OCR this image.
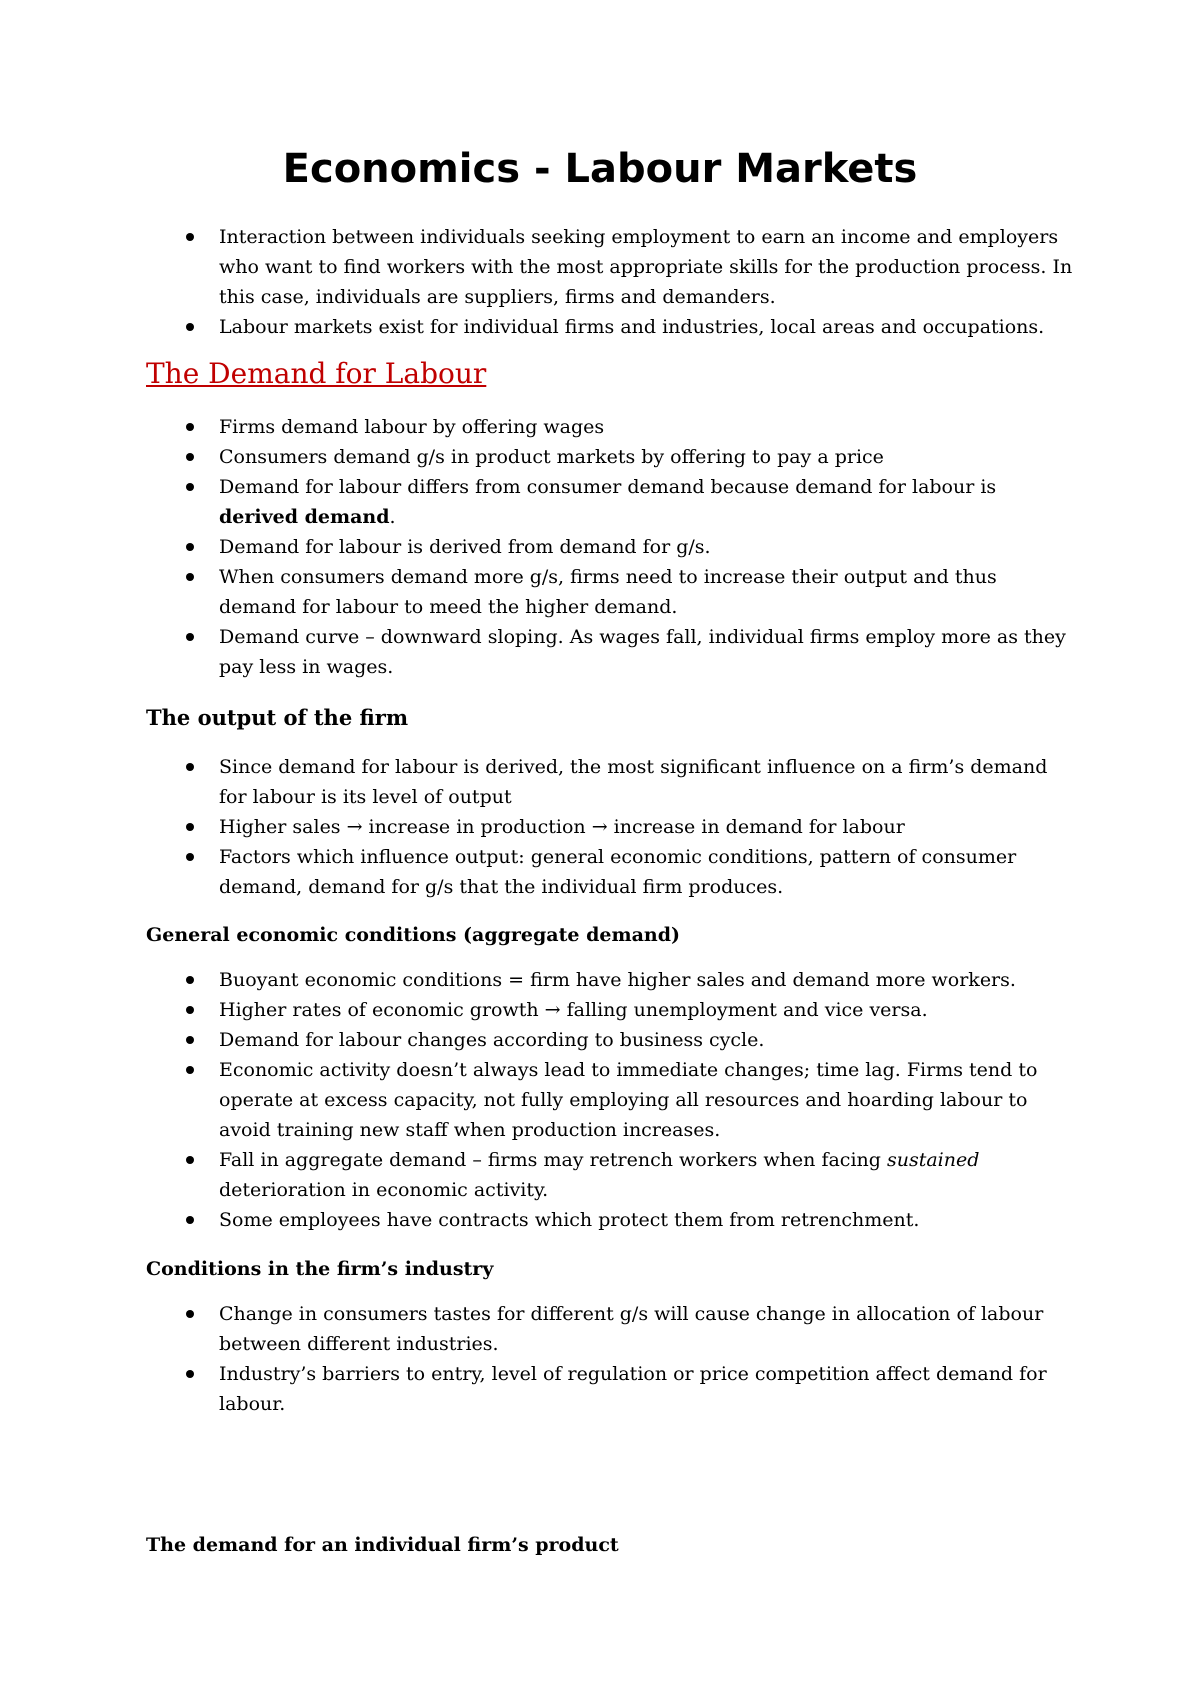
Economics - Labour Markets
Interaction between individuals seeking employment to earn an income and employers who want to find workers with the most appropriate skills for the production process. In this case, individuals are suppliers, firms and demanders.
Labour markets exist for individual firms and industries, local areas and occupations.
The Demand for Labour
Firms demand labour by offering wages
Consumers demand g/s in product markets by offering to pay a price
Demand for labour differs from consumer demand because demand for labour is derived demand.
Demand for labour is derived from demand for g/s.
When consumers demand more g/s, firms need to increase their output and thus demand for labour to meed the higher demand.
Demand curve – downward sloping. As wages fall, individual firms employ more as they pay less in wages.
The output of the firm
Since demand for labour is derived, the most significant influence on a firm’s demand for labour is its level of output
Higher sales → increase in production → increase in demand for labour
Factors which influence output: general economic conditions, pattern of consumer demand, demand for g/s that the individual firm produces.
General economic conditions (aggregate demand)
Buoyant economic conditions = firm have higher sales and demand more workers.
Higher rates of economic growth → falling unemployment and vice versa.
Demand for labour changes according to business cycle.
Economic activity doesn’t always lead to immediate changes; time lag. Firms tend to operate at excess capacity, not fully employing all resources and hoarding labour to avoid training new staff when production increases.
Fall in aggregate demand – firms may retrench workers when facing sustained deterioration in economic activity.
Some employees have contracts which protect them from retrenchment.
Conditions in the firm’s industry
Change in consumers tastes for different g/s will cause change in allocation of labour between different industries.
Industry’s barriers to entry, level of regulation or price competition affect demand for labour.
The demand for an individual firm’s product
